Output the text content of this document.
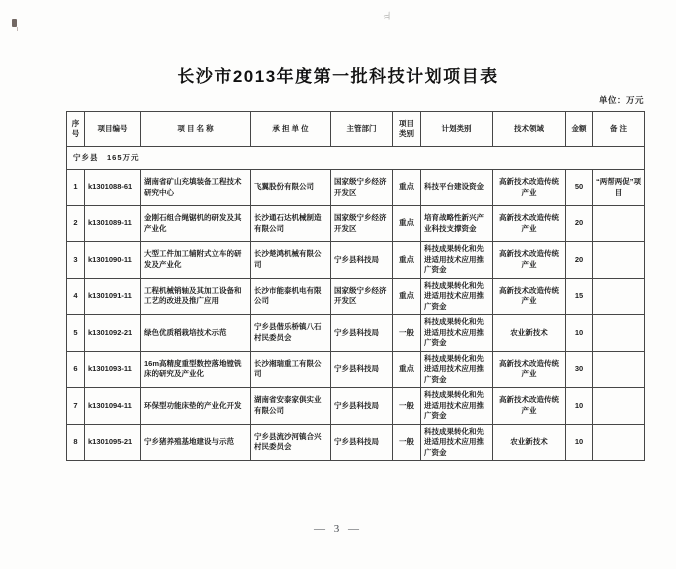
≉
长沙市2013年度第一批科技计划项目表
单位：万元
序号	项目编号	项 目 名 称	承 担 单 位	主管部门	项目类别	计划类别	技术领域	金额	备 注
宁乡县　165万元									
1	k1301088-61	湖南省矿山充填装备工程技术研究中心	飞翼股份有限公司	国家级宁乡经济开发区	重点	科技平台建设资金	高新技术改造传统产业	50	“两帮两促”项目
2	k1301089-11	金刚石组合绳锯机的研发及其产业化	长沙通石达机械制造有限公司	国家级宁乡经济开发区	重点	培育战略性新兴产业科技支撑资金	高新技术改造传统产业	20	
3	k1301090-11	大型工件加工辅附式立车的研发及产业化	长沙楚鸿机械有限公司	宁乡县科技局	重点	科技成果转化和先进适用技术应用推广资金	高新技术改造传统产业	20	
4	k1301091-11	工程机械销轴及其加工设备和工艺的改进及推广应用	长沙市能泰机电有限公司	国家级宁乡经济开发区	重点	科技成果转化和先进适用技术应用推广资金	高新技术改造传统产业	15	
5	k1301092-21	绿色优质稻栽培技术示范	宁乡县偕乐桥镇八石村民委员会	宁乡县科技局	一般	科技成果转化和先进适用技术应用推广资金	农业新技术	10	
6	k1301093-11	16m高精度重型数控落地镗铣床的研究及产业化	长沙湘瑞重工有限公司	宁乡县科技局	重点	科技成果转化和先进适用技术应用推广资金	高新技术改造传统产业	30	
7	k1301094-11	环保型功能床垫的产业化开发	湖南省安泰家俱实业有限公司	宁乡县科技局	一般	科技成果转化和先进适用技术应用推广资金	高新技术改造传统产业	10	
8	k1301095-21	宁乡猪养殖基地建设与示范	宁乡县流沙河镇合兴村民委员会	宁乡县科技局	一般	科技成果转化和先进适用技术应用推广资金	农业新技术	10	
— 3 —
